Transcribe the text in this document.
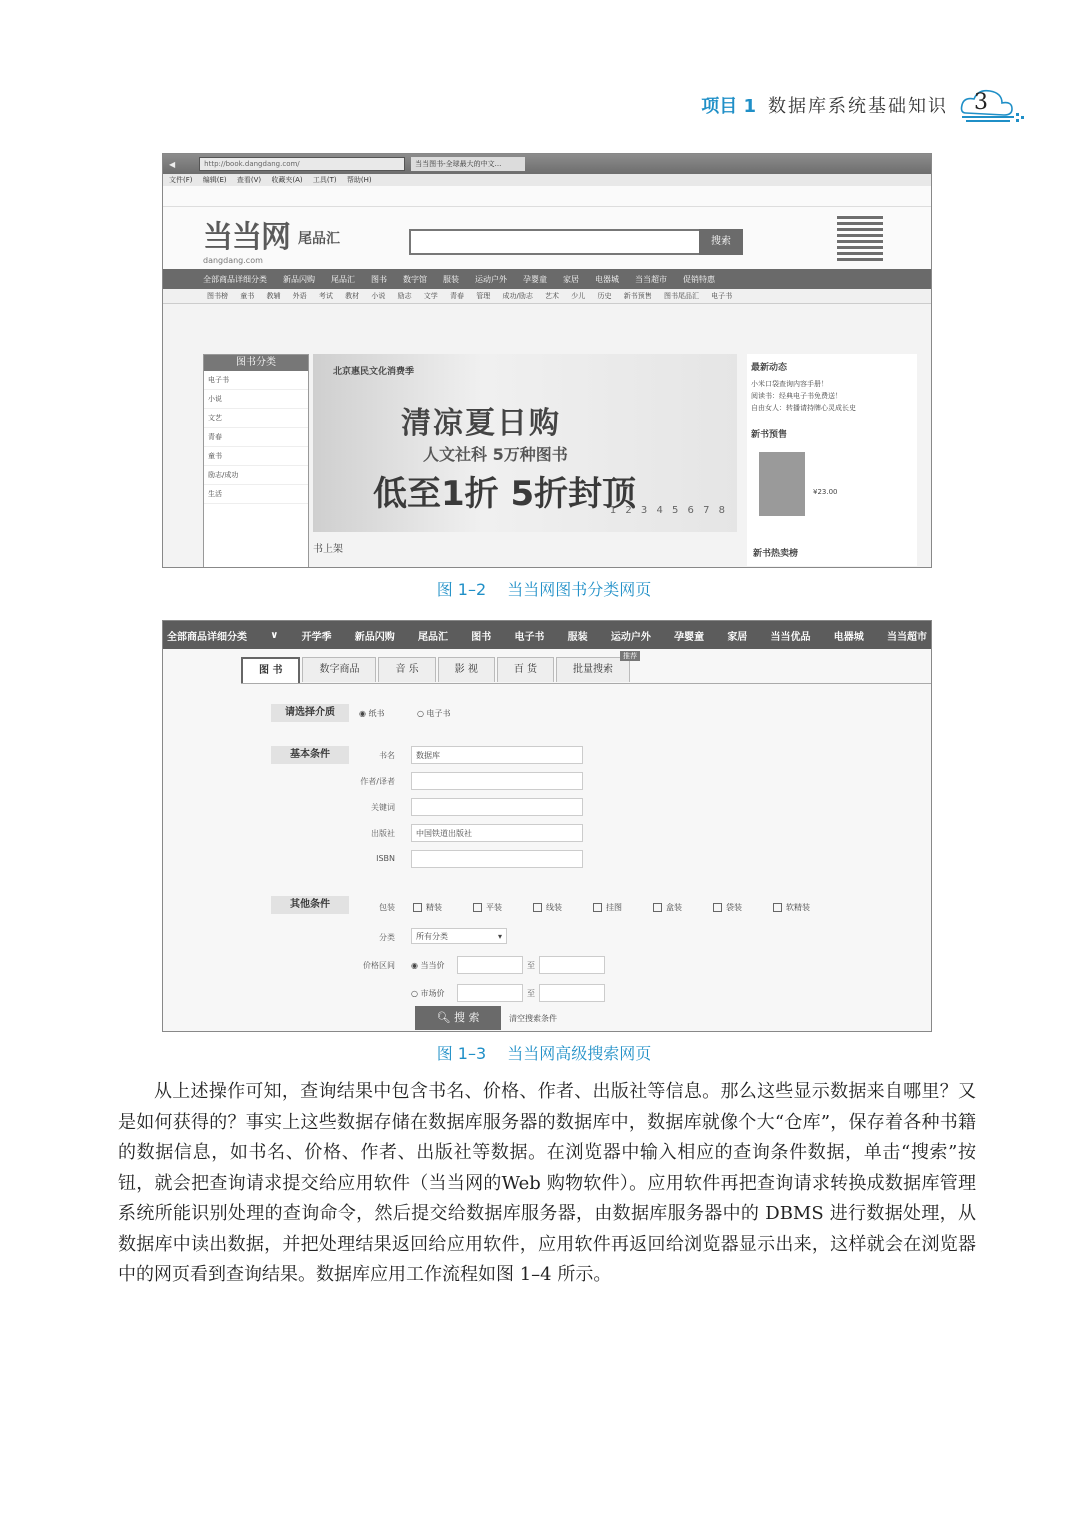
项目 1 数据库系统基础知识 3
◀	http://book.dangdang.com/	当当图书-全球最大的中文...
文件(F) 编辑(E) 查看(V) 收藏夹(A) 工具(T) 帮助(H)
当当网
dangdang.com
尾品汇	搜索
全部商品详细分类 新品闪购 尾品汇 图书 数字馆 服装 运动户外 孕婴童 家居 电器城 当当超市 促销特惠
图书榜 童书 教辅 外语 考试 教材 小说 励志 文学 青春 管理 成功/励志 艺术 少儿 历史 新书预售 图书尾品汇 电子书
图书分类
电子书
小说
文艺
青春
童书
励志/成功
生活
北京惠民文化消费季
清凉夏日购
人文社科 5万种图书
低至1折 5折封顶
1 2 3 4 5 6 7 8
最新动态
小米口袋查询内容手册！
阅读书：经典电子书免费送！
自由女人：转播请持牌心灵成长史
新书预售
¥23.00
新书热卖榜
书上架
图 1–2 当当网图书分类网页
全部商品详细分类 ∨ 开学季 新品闪购 尾品汇 图书 电子书 服装 运动户外 孕婴童 家居 当当优品 电器城 当当超市
图 书	数字商品	音 乐	影 视	百 货	批量搜索
推荐
请选择介质	◉ 纸书	○ 电子书
基本条件	书名	数据库
作者/译者
关键词
出版社	中国铁道出版社
ISBN
其他条件	包装	精装	平装	线装	挂图	盒装	袋装	软精装
分类	所有分类	▾
价格区间 ◉ 当当价	至
○ 市场价	至
🔍︎ 搜 索	清空搜索条件
图 1–3 当当网高级搜索网页

从上述操作可知，查询结果中包含书名、价格、作者、出版社等信息。那么这些显示数据来自哪里？又是如何获得的？事实上这些数据存储在数据库服务器的数据库中，数据库就像个大“仓库”，保存着各种书籍的数据信息，如书名、价格、作者、出版社等数据。在浏览器中输入相应的查询条件数据，单击“搜索”按钮，就会把查询请求提交给应用软件（当当网的Web 购物软件）。应用软件再把查询请求转换成数据库管理系统所能识别处理的查询命令，然后提交给数据库服务器，由数据库服务器中的 DBMS 进行数据处理，从数据库中读出数据，并把处理结果返回给应用软件，应用软件再返回给浏览器显示出来，这样就会在浏览器中的网页看到查询结果。数据库应用工作流程如图 1–4 所示。
